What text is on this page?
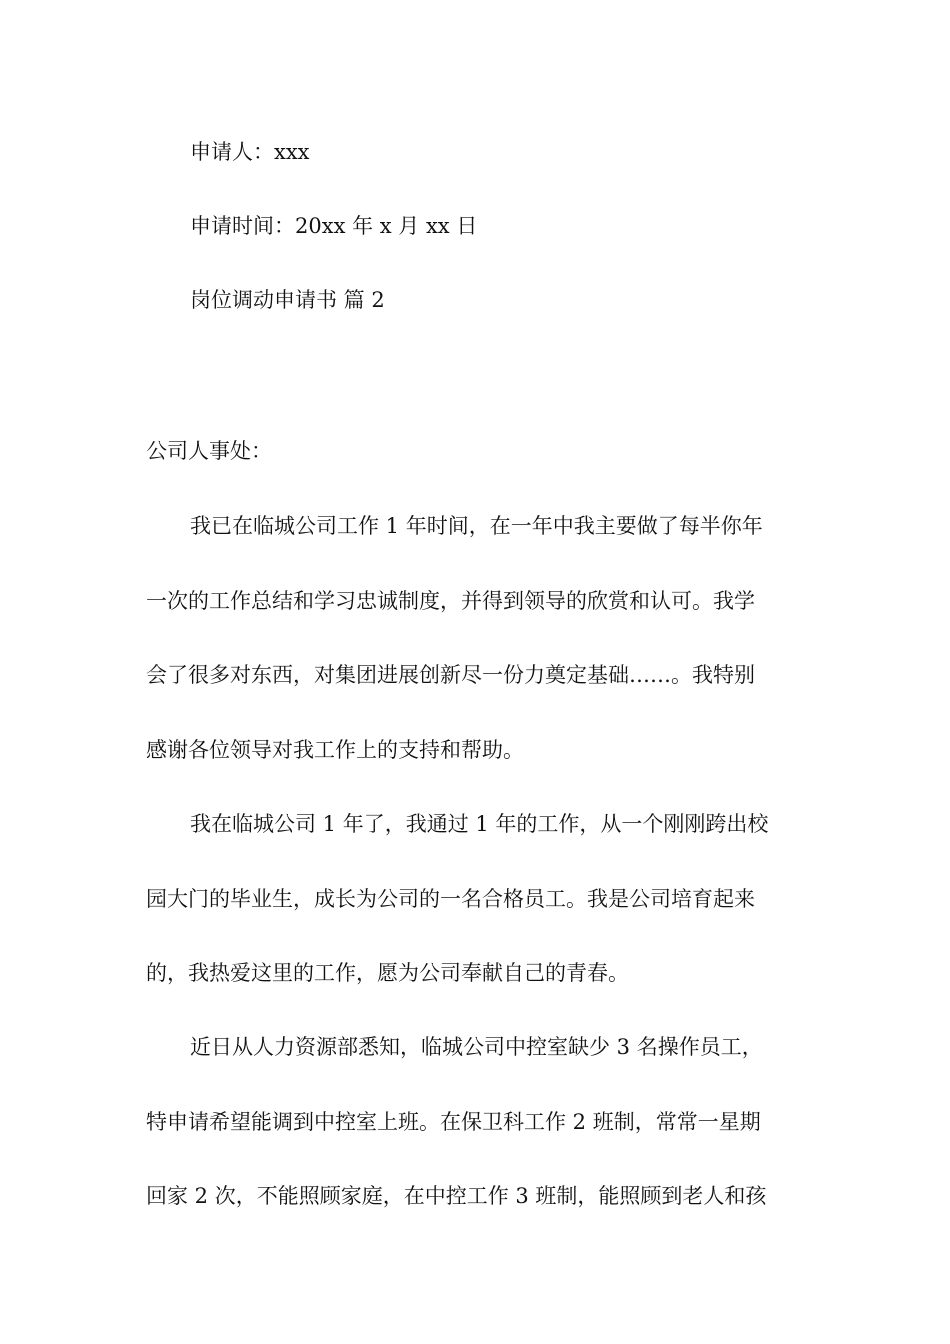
申请人：xxx
申请时间：20xx 年 x 月 xx 日
岗位调动申请书 篇 2
公司人事处：
我已在临城公司工作 1 年时间，在一年中我主要做了每半你年
一次的工作总结和学习忠诚制度，并得到领导的欣赏和认可。我学
会了很多对东西，对集团进展创新尽一份力奠定基础……。我特别
感谢各位领导对我工作上的支持和帮助。
我在临城公司 1 年了，我通过 1 年的工作，从一个刚刚跨出校
园大门的毕业生，成长为公司的一名合格员工。我是公司培育起来
的，我热爱这里的工作，愿为公司奉献自己的青春。
近日从人力资源部悉知，临城公司中控室缺少 3 名操作员工，
特申请希望能调到中控室上班。在保卫科工作 2 班制，常常一星期
回家 2 次，不能照顾家庭，在中控工作 3 班制，能照顾到老人和孩
